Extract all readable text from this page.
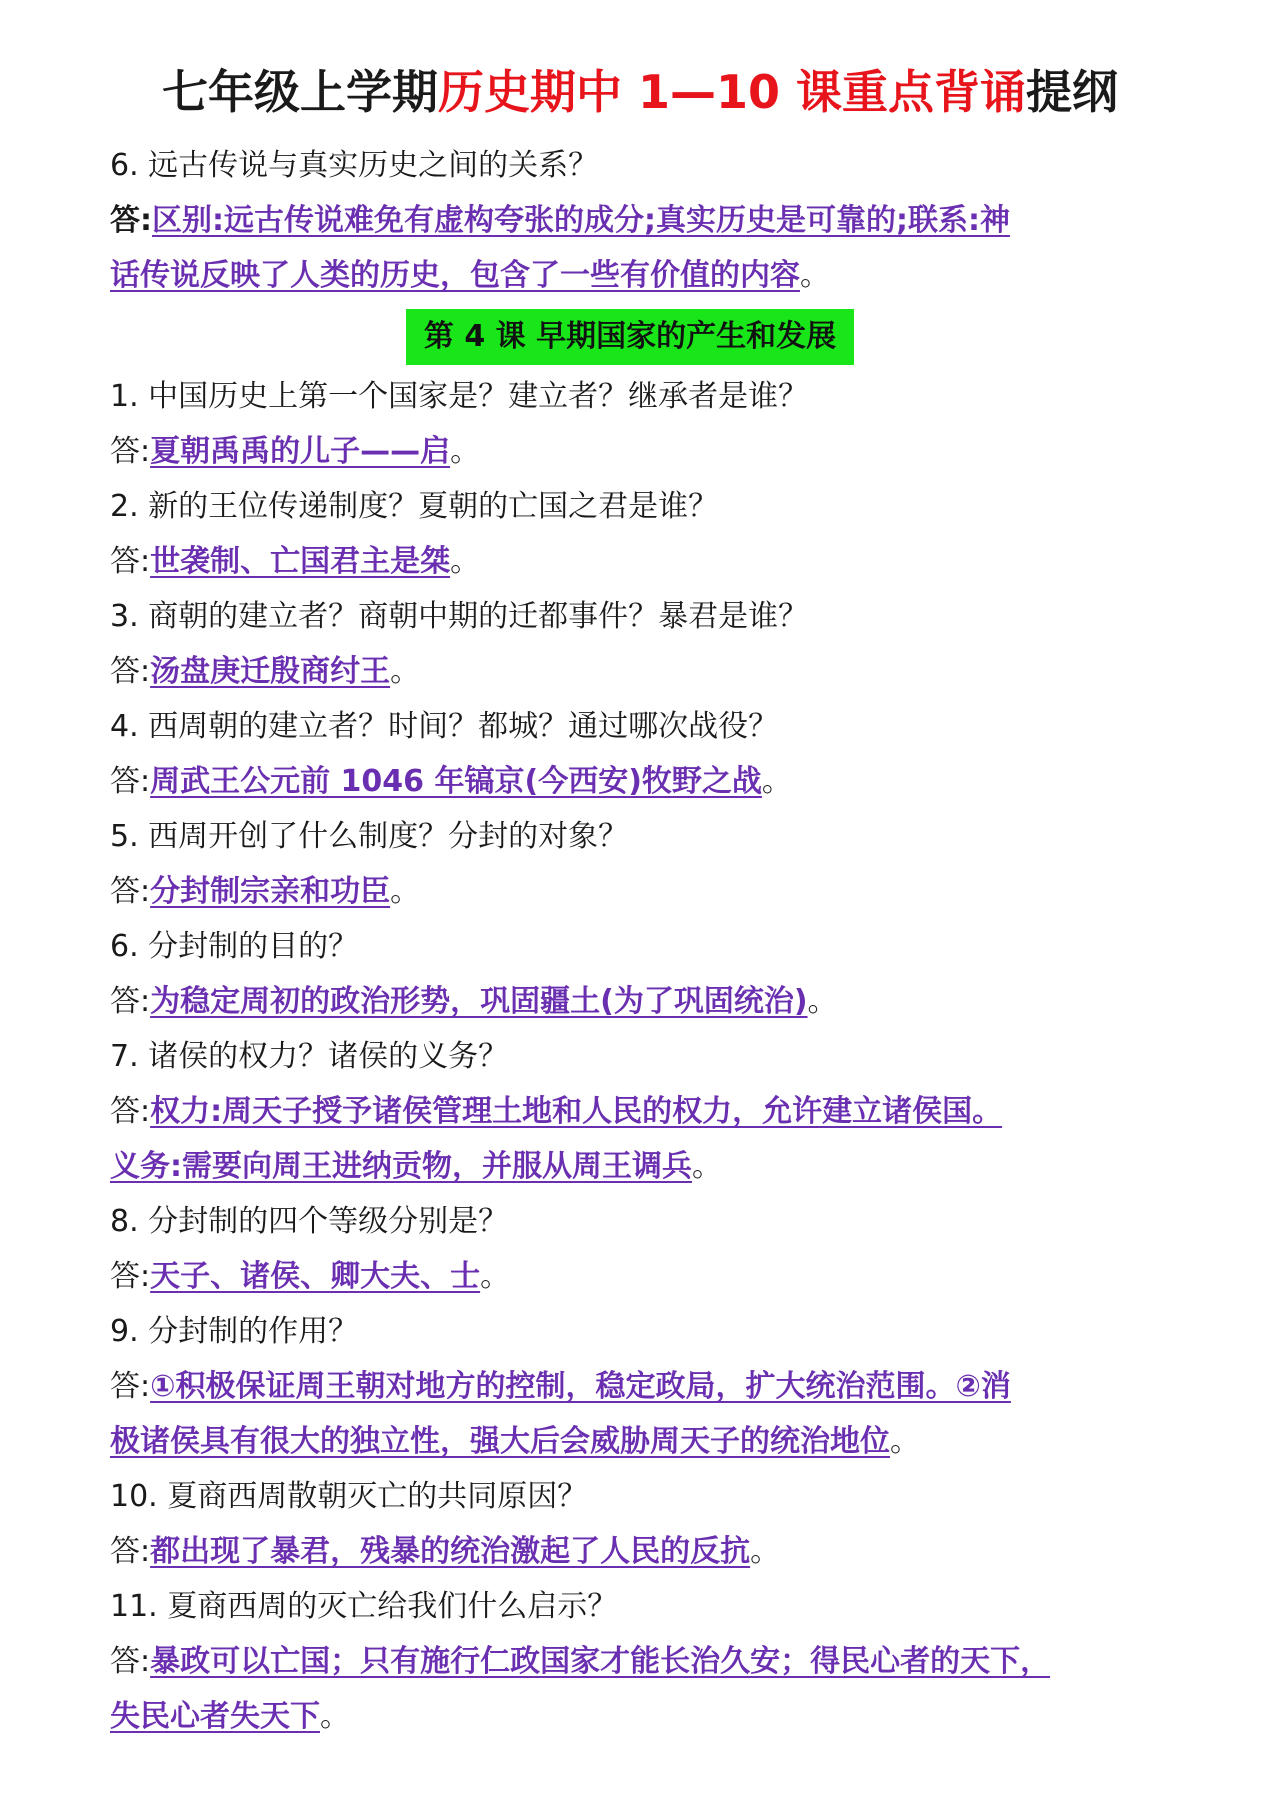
七年级上学期历史期中 1—10 课重点背诵提纲
6. 远古传说与真实历史之间的关系？
答:区别:远古传说难免有虚构夸张的成分;真实历史是可靠的;联系:神
话传说反映了人类的历史，包含了一些有价值的内容。
第 4 课 早期国家的产生和发展
1. 中国历史上第一个国家是？建立者？继承者是谁？
答:夏朝禹禹的儿子——启。
2. 新的王位传递制度？夏朝的亡国之君是谁？
答:世袭制、亡国君主是桀。
3. 商朝的建立者？商朝中期的迁都事件？暴君是谁？
答:汤盘庚迁殷商纣王。
4. 西周朝的建立者？时间？都城？通过哪次战役？
答:周武王公元前 1046 年镐京(今西安)牧野之战。
5. 西周开创了什么制度？分封的对象？
答:分封制宗亲和功臣。
6. 分封制的目的？
答:为稳定周初的政治形势，巩固疆土(为了巩固统治)。
7. 诸侯的权力？诸侯的义务？
答:权力:周天子授予诸侯管理土地和人民的权力，允许建立诸侯国。
义务:需要向周王进纳贡物，并服从周王调兵。
8. 分封制的四个等级分别是？
答:天子、诸侯、卿大夫、士。
9. 分封制的作用？
答:①积极保证周王朝对地方的控制，稳定政局，扩大统治范围。②消
极诸侯具有很大的独立性，强大后会威胁周天子的统治地位。
10. 夏商西周散朝灭亡的共同原因？
答:都出现了暴君，残暴的统治激起了人民的反抗。
11. 夏商西周的灭亡给我们什么启示？
答:暴政可以亡国；只有施行仁政国家才能长治久安；得民心者的天下，
失民心者失天下。
